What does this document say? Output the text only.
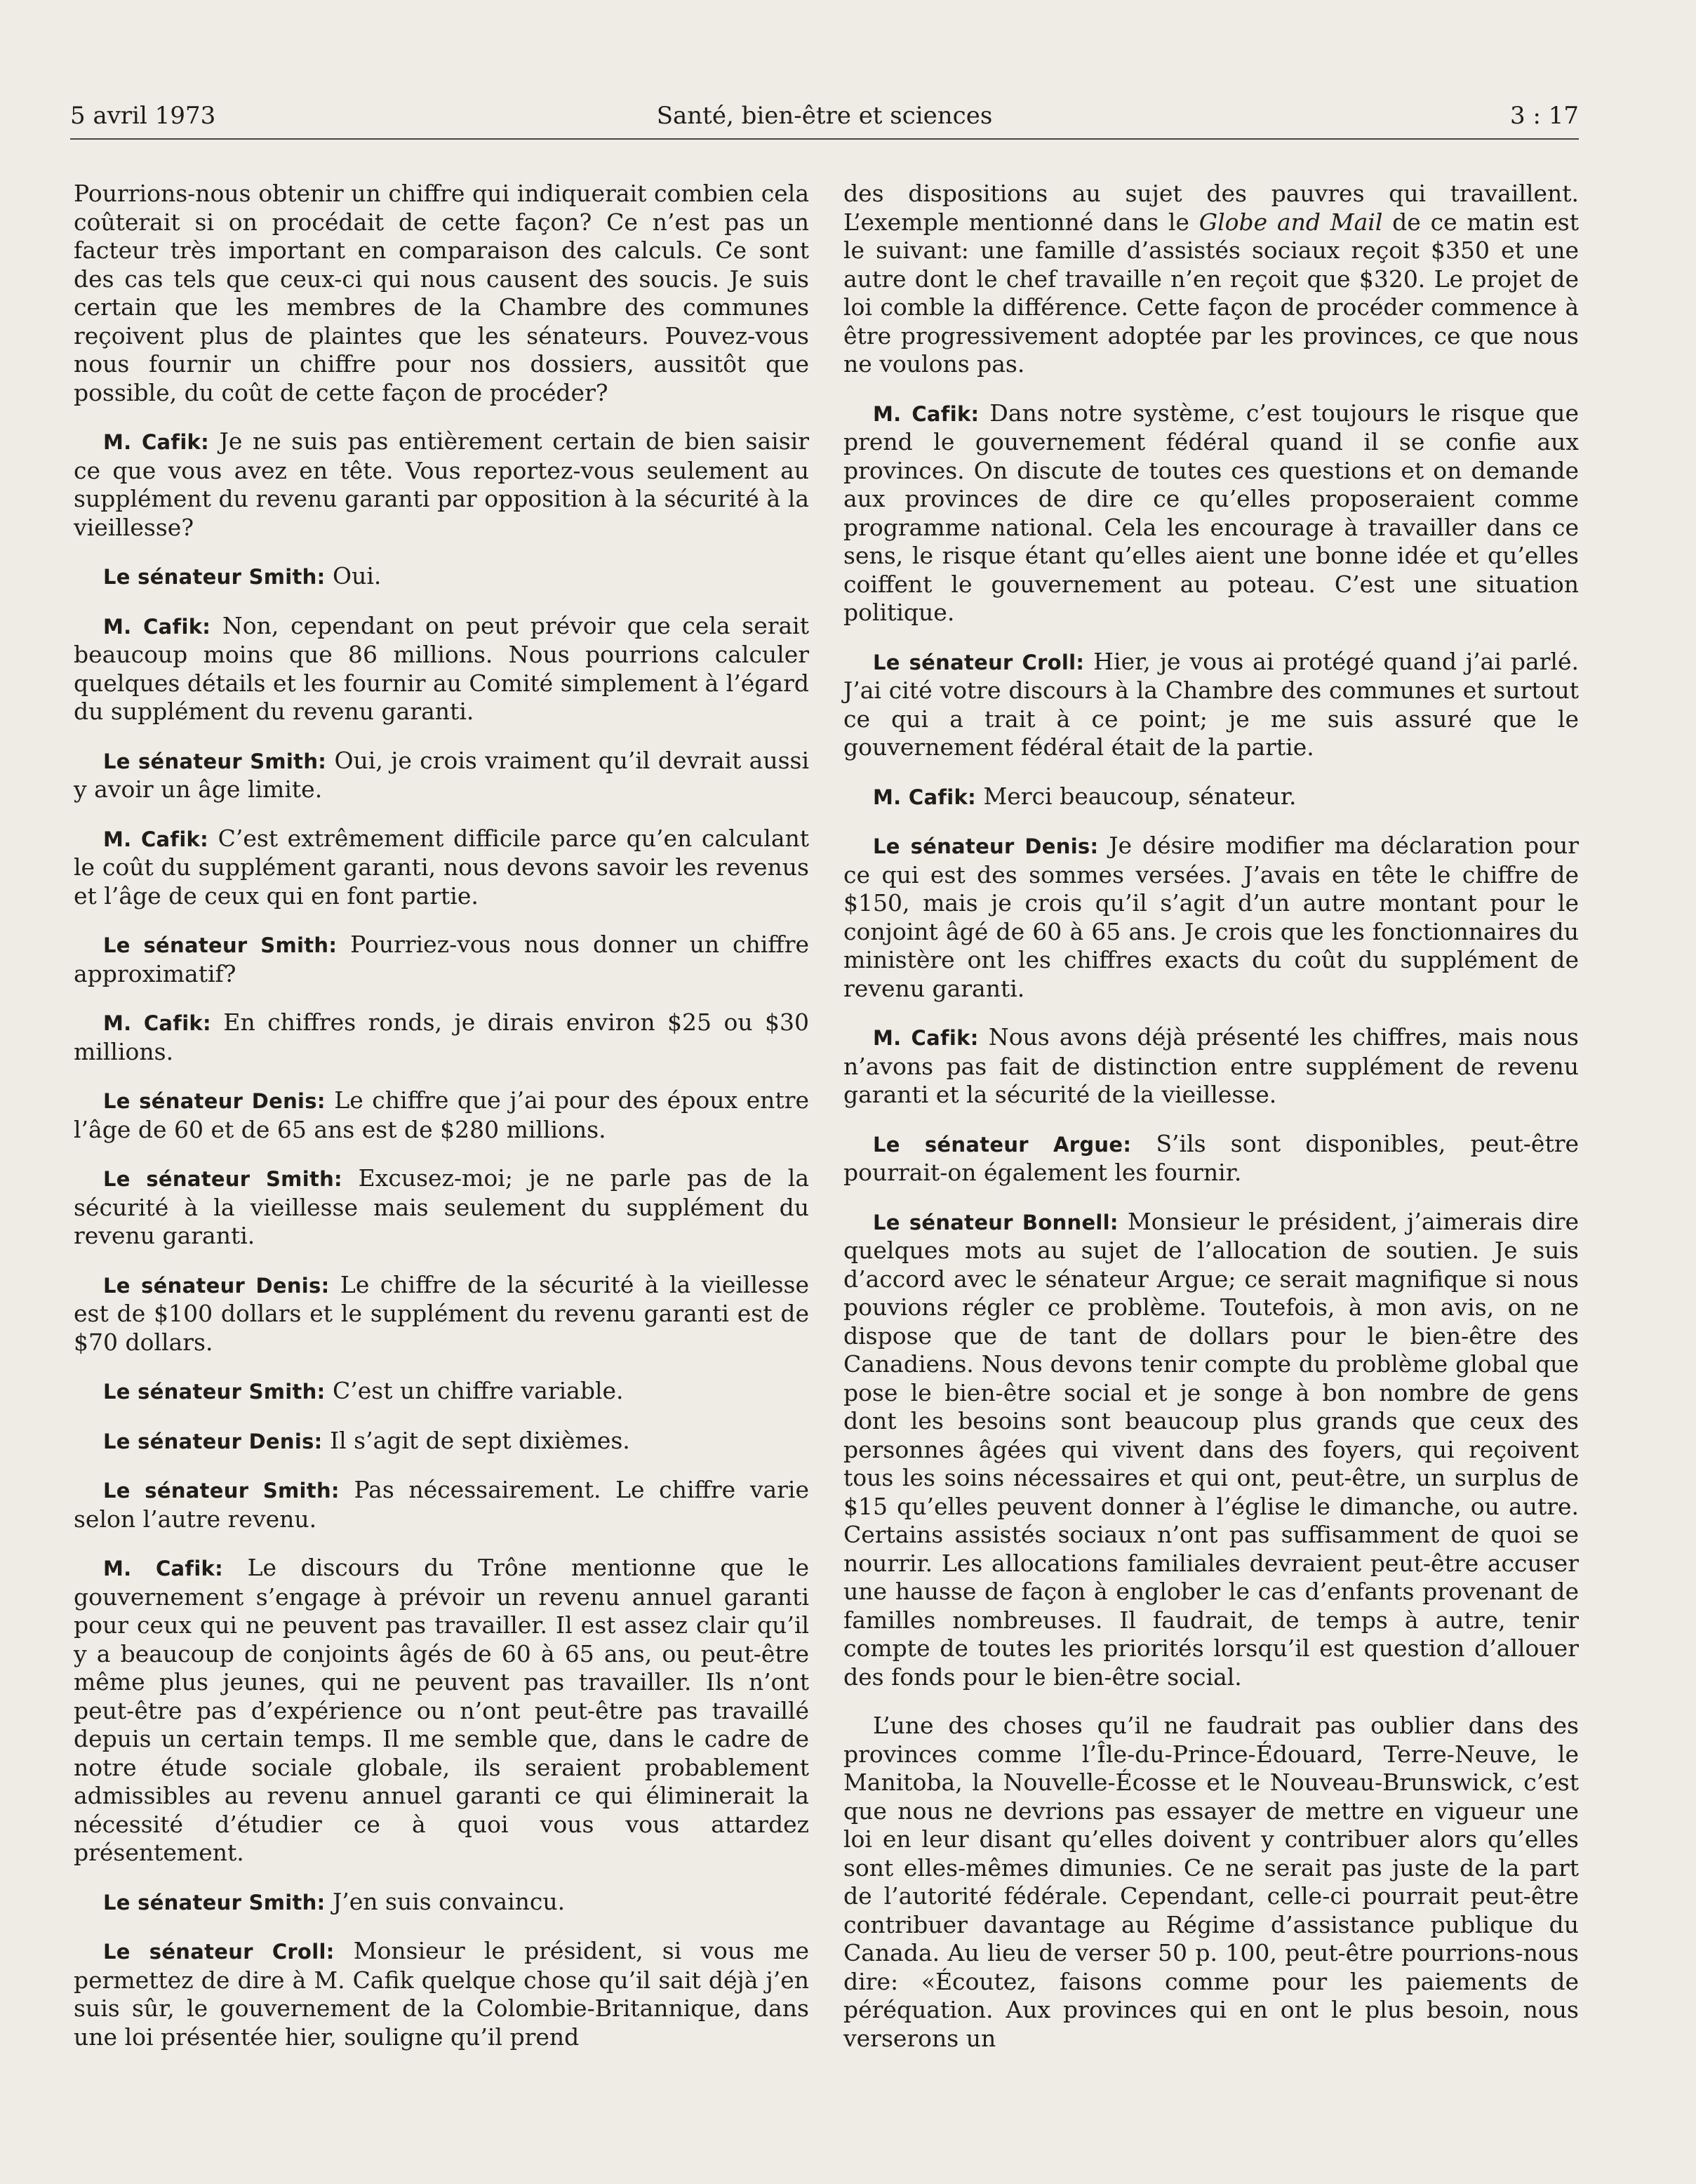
5 avril 1973	Santé, bien-être et sciences	3 : 17

Pourrions-nous obtenir un chiffre qui indiquerait combien cela coûterait si on procédait de cette façon? Ce n’est pas un facteur très important en comparaison des calculs. Ce sont des cas tels que ceux-ci qui nous causent des soucis. Je suis certain que les membres de la Chambre des communes reçoivent plus de plaintes que les sénateurs. Pouvez-vous nous fournir un chiffre pour nos dossiers, aussitôt que possible, du coût de cette façon de procéder?

M. Cafik: Je ne suis pas entièrement certain de bien saisir ce que vous avez en tête. Vous reportez-vous seulement au supplément du revenu garanti par opposition à la sécurité à la vieillesse?

Le sénateur Smith: Oui.

M. Cafik: Non, cependant on peut prévoir que cela serait beaucoup moins que 86 millions. Nous pourrions calculer quelques détails et les fournir au Comité simplement à l’égard du supplément du revenu garanti.

Le sénateur Smith: Oui, je crois vraiment qu’il devrait aussi y avoir un âge limite.

M. Cafik: C’est extrêmement difficile parce qu’en calculant le coût du supplément garanti, nous devons savoir les revenus et l’âge de ceux qui en font partie.

Le sénateur Smith: Pourriez-vous nous donner un chiffre approximatif?

M. Cafik: En chiffres ronds, je dirais environ $25 ou $30 millions.

Le sénateur Denis: Le chiffre que j’ai pour des époux entre l’âge de 60 et de 65 ans est de $280 millions.

Le sénateur Smith: Excusez-moi; je ne parle pas de la sécurité à la vieillesse mais seulement du supplément du revenu garanti.

Le sénateur Denis: Le chiffre de la sécurité à la vieillesse est de $100 dollars et le supplément du revenu garanti est de $70 dollars.

Le sénateur Smith: C’est un chiffre variable.

Le sénateur Denis: Il s’agit de sept dixièmes.

Le sénateur Smith: Pas nécessairement. Le chiffre varie selon l’autre revenu.

M. Cafik: Le discours du Trône mentionne que le gouvernement s’engage à prévoir un revenu annuel garanti pour ceux qui ne peuvent pas travailler. Il est assez clair qu’il y a beaucoup de conjoints âgés de 60 à 65 ans, ou peut-être même plus jeunes, qui ne peuvent pas travailler. Ils n’ont peut-être pas d’expérience ou n’ont peut-être pas travaillé depuis un certain temps. Il me semble que, dans le cadre de notre étude sociale globale, ils seraient probablement admissibles au revenu annuel garanti ce qui éliminerait la nécessité d’étudier ce à quoi vous vous attardez présentement.

Le sénateur Smith: J’en suis convaincu.

Le sénateur Croll: Monsieur le président, si vous me permettez de dire à M. Cafik quelque chose qu’il sait déjà j’en suis sûr, le gouvernement de la Colombie-Britannique, dans une loi présentée hier, souligne qu’il prend

des dispositions au sujet des pauvres qui travaillent. L’exemple mentionné dans le Globe and Mail de ce matin est le suivant: une famille d’assistés sociaux reçoit $350 et une autre dont le chef travaille n’en reçoit que $320. Le projet de loi comble la différence. Cette façon de procéder commence à être progressivement adoptée par les provinces, ce que nous ne voulons pas.

M. Cafik: Dans notre système, c’est toujours le risque que prend le gouvernement fédéral quand il se confie aux provinces. On discute de toutes ces questions et on demande aux provinces de dire ce qu’elles proposeraient comme programme national. Cela les encourage à travailler dans ce sens, le risque étant qu’elles aient une bonne idée et qu’elles coiffent le gouvernement au poteau. C’est une situation politique.

Le sénateur Croll: Hier, je vous ai protégé quand j’ai parlé. J’ai cité votre discours à la Chambre des communes et surtout ce qui a trait à ce point; je me suis assuré que le gouvernement fédéral était de la partie.

M. Cafik: Merci beaucoup, sénateur.

Le sénateur Denis: Je désire modifier ma déclaration pour ce qui est des sommes versées. J’avais en tête le chiffre de $150, mais je crois qu’il s’agit d’un autre montant pour le conjoint âgé de 60 à 65 ans. Je crois que les fonctionnaires du ministère ont les chiffres exacts du coût du supplément de revenu garanti.

M. Cafik: Nous avons déjà présenté les chiffres, mais nous n’avons pas fait de distinction entre supplément de revenu garanti et la sécurité de la vieillesse.

Le sénateur Argue: S’ils sont disponibles, peut-être pourrait-on également les fournir.

Le sénateur Bonnell: Monsieur le président, j’aimerais dire quelques mots au sujet de l’allocation de soutien. Je suis d’accord avec le sénateur Argue; ce serait magnifique si nous pouvions régler ce problème. Toutefois, à mon avis, on ne dispose que de tant de dollars pour le bien-être des Canadiens. Nous devons tenir compte du problème global que pose le bien-être social et je songe à bon nombre de gens dont les besoins sont beaucoup plus grands que ceux des personnes âgées qui vivent dans des foyers, qui reçoivent tous les soins nécessaires et qui ont, peut-être, un surplus de $15 qu’elles peuvent donner à l’église le dimanche, ou autre. Certains assistés sociaux n’ont pas suffisamment de quoi se nourrir. Les allocations familiales devraient peut-être accuser une hausse de façon à englober le cas d’enfants provenant de familles nombreuses. Il faudrait, de temps à autre, tenir compte de toutes les priorités lorsqu’il est question d’allouer des fonds pour le bien-être social.

L’une des choses qu’il ne faudrait pas oublier dans des provinces comme l’Île-du-Prince-Édouard, Terre-Neuve, le Manitoba, la Nouvelle-Écosse et le Nouveau-Brunswick, c’est que nous ne devrions pas essayer de mettre en vigueur une loi en leur disant qu’elles doivent y contribuer alors qu’elles sont elles-mêmes dimunies. Ce ne serait pas juste de la part de l’autorité fédérale. Cependant, celle-ci pourrait peut-être contribuer davantage au Régime d’assistance publique du Canada. Au lieu de verser 50 p. 100, peut-être pourrions-nous dire: «Écoutez, faisons comme pour les paiements de péréquation. Aux provinces qui en ont le plus besoin, nous verserons un
